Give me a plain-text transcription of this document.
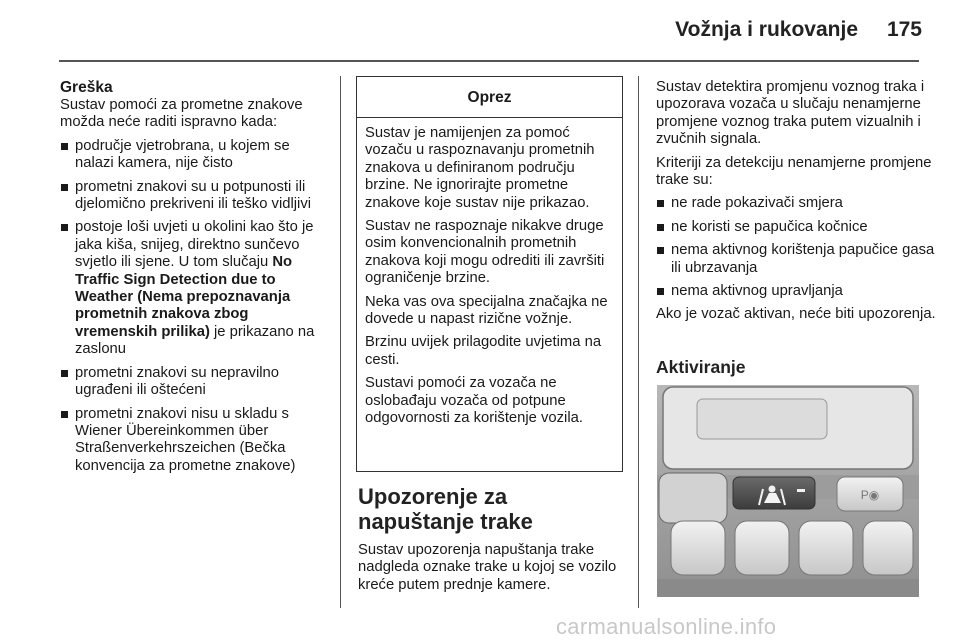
Vožnja i rukovanje 175
Greška

Sustav pomoći za prometne znakove možda neće raditi ispravno kada:

područje vjetrobrana, u kojem se nalazi kamera, nije čisto
prometni znakovi su u potpunosti ili djelomično prekriveni ili teško vidljivi
postoje loši uvjeti u okolini kao što je jaka kiša, snijeg, direktno sunčevo svjetlo ili sjene. U tom slučaju No Traffic Sign Detection due to Weather (Nema prepoznavanja prometnih znakova zbog vremenskih prilika) je prikazano na zaslonu
prometni znakovi su nepravilno ugrađeni ili oštećeni
prometni znakovi nisu u skladu s Wiener Übereinkommen über Straßenverkehrszeichen (Bečka konvencija za prometne znakove)
Oprez

Sustav je namijenjen za pomoć vozaču u raspoznavanju prometnih znakova u definiranom području brzine. Ne ignorirajte prometne znakove koje sustav nije prikazao.

Sustav ne raspoznaje nikakve druge osim konvencionalnih prometnih znakova koji mogu odrediti ili završiti ograničenje brzine.

Neka vas ova specijalna značajka ne dovede u napast rizične vožnje.

Brzinu uvijek prilagodite uvjetima na cesti.

Sustavi pomoći za vozača ne oslobađaju vozača od potpune odgovornosti za korištenje vozila.

Upozorenje za napuštanje trake

Sustav upozorenja napuštanja trake nadgleda oznake trake u kojoj se vozilo kreće putem prednje kamere.

Sustav detektira promjenu voznog traka i upozorava vozača u slučaju nenamjerne promjene voznog traka putem vizualnih i zvučnih signala.

Kriteriji za detekciju nenamjerne promjene trake su:

ne rade pokazivači smjera
ne koristi se papučica kočnice
nema aktivnog korištenja papučice gasa ili ubrzavanja
nema aktivnog upravljanja

Ako je vozač aktivan, neće biti upozorenja.

Aktiviranje
P◉
carmanualsonline.info
